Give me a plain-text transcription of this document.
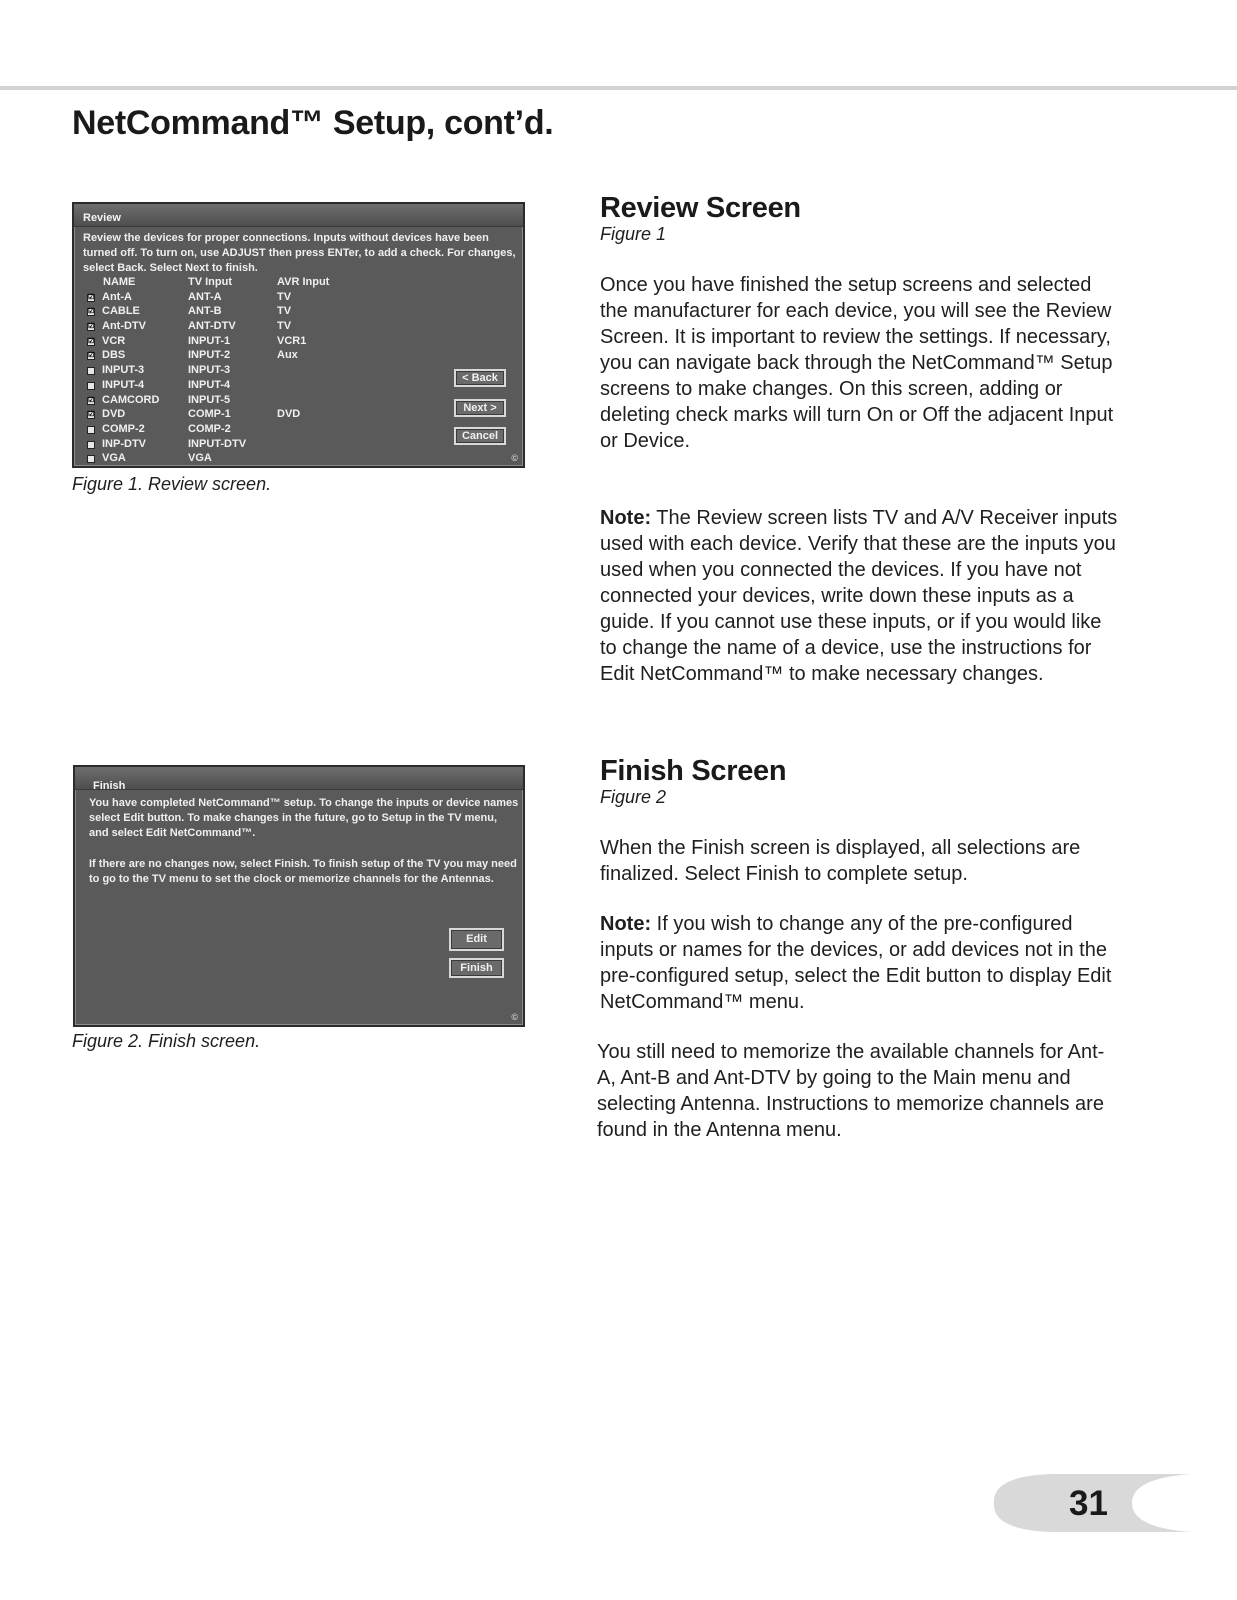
NetCommand™ Setup, cont’d.
Review

Review the devices for proper connections. Inputs without devices have been turned off. To turn on, use ADJUST then press ENTer, to add a check. For changes, select Back. Select Next to finish.

NAME	TV Input	AVR Input
☑ Ant-A	ANT-A	TV
☑ CABLE	ANT-B	TV
☑ Ant-DTV	ANT-DTV	TV
☑ VCR	INPUT-1	VCR1
☑ DBS	INPUT-2	Aux
INPUT-3	INPUT-3
INPUT-4	INPUT-4
☑ CAMCORD	INPUT-5
☑ DVD	COMP-1	DVD
COMP-2	COMP-2
INP-DTV	INPUT-DTV
VGA	VGA
< Back
Next >
Cancel
©

Figure 1. Review screen.

Finish

You have completed NetCommand™ setup. To change the inputs or device names select Edit button. To make changes in the future, go to Setup in the TV menu, and select Edit NetCommand™.

If there are no changes now, select Finish. To finish setup of the TV you may need to go to the TV menu to set the clock or memorize channels for the Antennas.

Edit
Finish
©

Figure 2. Finish screen.

Review Screen

Figure 1

Once you have finished the setup screens and selected the manufacturer for each device, you will see the Review Screen. It is important to review the settings. If necessary, you can navigate back through the NetCommand™ Setup screens to make changes. On this screen, adding or deleting check marks will turn On or Off the adjacent Input or Device.

Note: The Review screen lists TV and A/V Receiver inputs used with each device. Verify that these are the inputs you used when you connected the devices. If you have not connected your devices, write down these inputs as a guide. If you cannot use these inputs, or if you would like to change the name of a device, use the instructions for Edit NetCommand™ to make necessary changes.

Finish Screen

Figure 2

When the Finish screen is displayed, all selections are finalized. Select Finish to complete setup.

Note: If you wish to change any of the pre-configured inputs or names for the devices, or add devices not in the pre-configured setup, select the Edit button to display Edit NetCommand™ menu.

You still need to memorize the available channels for Ant-A, Ant-B and Ant-DTV by going to the Main menu and selecting Antenna. Instructions to memorize channels are found in the Antenna menu.

31
